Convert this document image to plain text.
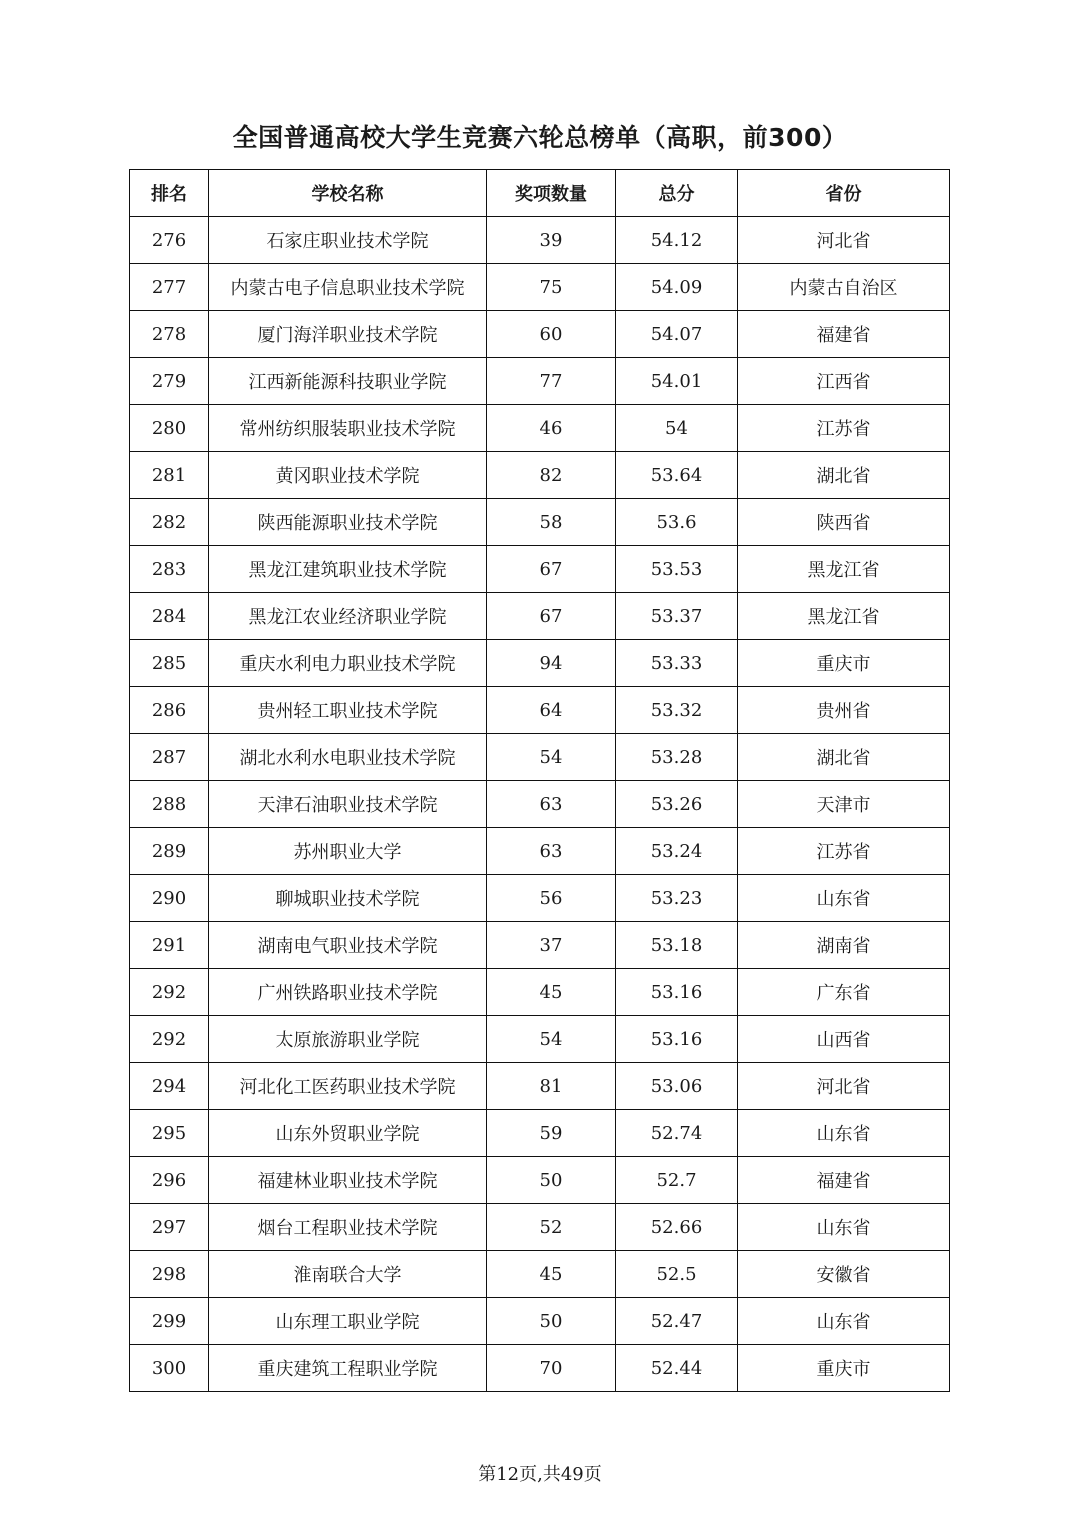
全国普通高校大学生竞赛六轮总榜单（高职，前300）
排名	学校名称	奖项数量	总分	省份
276	石家庄职业技术学院	39	54.12	河北省
277	内蒙古电子信息职业技术学院	75	54.09	内蒙古自治区
278	厦门海洋职业技术学院	60	54.07	福建省
279	江西新能源科技职业学院	77	54.01	江西省
280	常州纺织服装职业技术学院	46	54	江苏省
281	黄冈职业技术学院	82	53.64	湖北省
282	陕西能源职业技术学院	58	53.6	陕西省
283	黑龙江建筑职业技术学院	67	53.53	黑龙江省
284	黑龙江农业经济职业学院	67	53.37	黑龙江省
285	重庆水利电力职业技术学院	94	53.33	重庆市
286	贵州轻工职业技术学院	64	53.32	贵州省
287	湖北水利水电职业技术学院	54	53.28	湖北省
288	天津石油职业技术学院	63	53.26	天津市
289	苏州职业大学	63	53.24	江苏省
290	聊城职业技术学院	56	53.23	山东省
291	湖南电气职业技术学院	37	53.18	湖南省
292	广州铁路职业技术学院	45	53.16	广东省
292	太原旅游职业学院	54	53.16	山西省
294	河北化工医药职业技术学院	81	53.06	河北省
295	山东外贸职业学院	59	52.74	山东省
296	福建林业职业技术学院	50	52.7	福建省
297	烟台工程职业技术学院	52	52.66	山东省
298	淮南联合大学	45	52.5	安徽省
299	山东理工职业学院	50	52.47	山东省
300	重庆建筑工程职业学院	70	52.44	重庆市
第12页,共49页
